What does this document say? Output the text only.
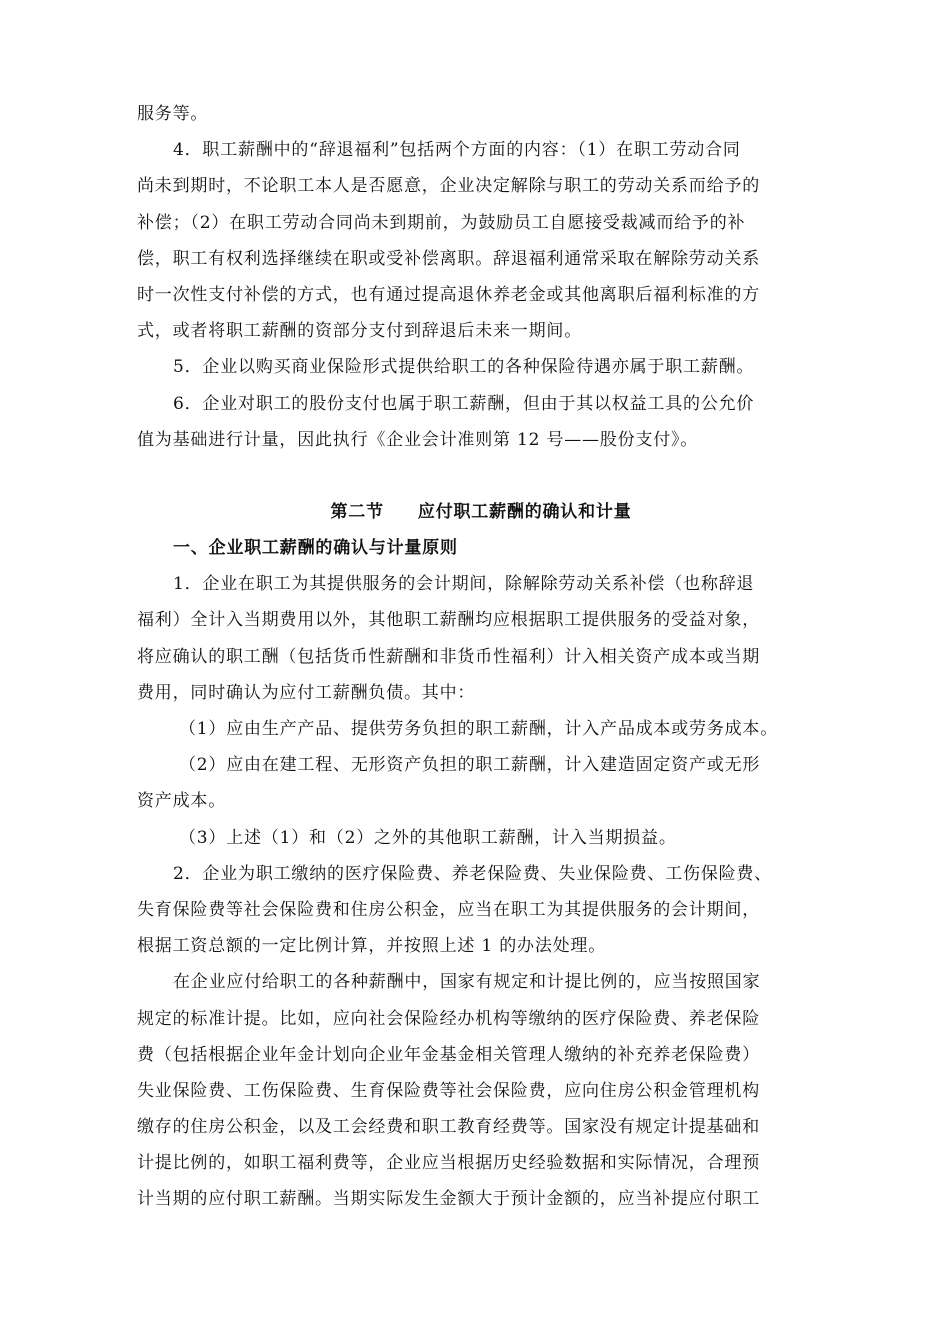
服务等。
4．职工薪酬中的“辞退福利”包括两个方面的内容：（1）在职工劳动合同
尚未到期时，不论职工本人是否愿意，企业决定解除与职工的劳动关系而给予的
补偿；（2）在职工劳动合同尚未到期前，为鼓励员工自愿接受裁减而给予的补
偿，职工有权利选择继续在职或受补偿离职。辞退福利通常采取在解除劳动关系
时一次性支付补偿的方式，也有通过提高退休养老金或其他离职后福利标准的方
式，或者将职工薪酬的资部分支付到辞退后未来一期间。
5．企业以购买商业保险形式提供给职工的各种保险待遇亦属于职工薪酬。
6．企业对职工的股份支付也属于职工薪酬，但由于其以权益工具的公允价
值为基础进行计量，因此执行《企业会计准则第 12 号——股份支付》。
第二节 应付职工薪酬的确认和计量
一、企业职工薪酬的确认与计量原则
1．企业在职工为其提供服务的会计期间，除解除劳动关系补偿（也称辞退
福利）全计入当期费用以外，其他职工薪酬均应根据职工提供服务的受益对象，
将应确认的职工酬（包括货币性薪酬和非货币性福利）计入相关资产成本或当期
费用，同时确认为应付工薪酬负债。其中：
（1）应由生产产品、提供劳务负担的职工薪酬，计入产品成本或劳务成本。
（2）应由在建工程、无形资产负担的职工薪酬，计入建造固定资产或无形
资产成本。
（3）上述（1）和（2）之外的其他职工薪酬，计入当期损益。
2．企业为职工缴纳的医疗保险费、养老保险费、失业保险费、工伤保险费、
失育保险费等社会保险费和住房公积金，应当在职工为其提供服务的会计期间，
根据工资总额的一定比例计算，并按照上述 1 的办法处理。
在企业应付给职工的各种薪酬中，国家有规定和计提比例的，应当按照国家
规定的标准计提。比如，应向社会保险经办机构等缴纳的医疗保险费、养老保险
费（包括根据企业年金计划向企业年金基金相关管理人缴纳的补充养老保险费）
失业保险费、工伤保险费、生育保险费等社会保险费，应向住房公积金管理机构
缴存的住房公积金，以及工会经费和职工教育经费等。国家没有规定计提基础和
计提比例的，如职工福利费等，企业应当根据历史经验数据和实际情况，合理预
计当期的应付职工薪酬。当期实际发生金额大于预计金额的，应当补提应付职工
